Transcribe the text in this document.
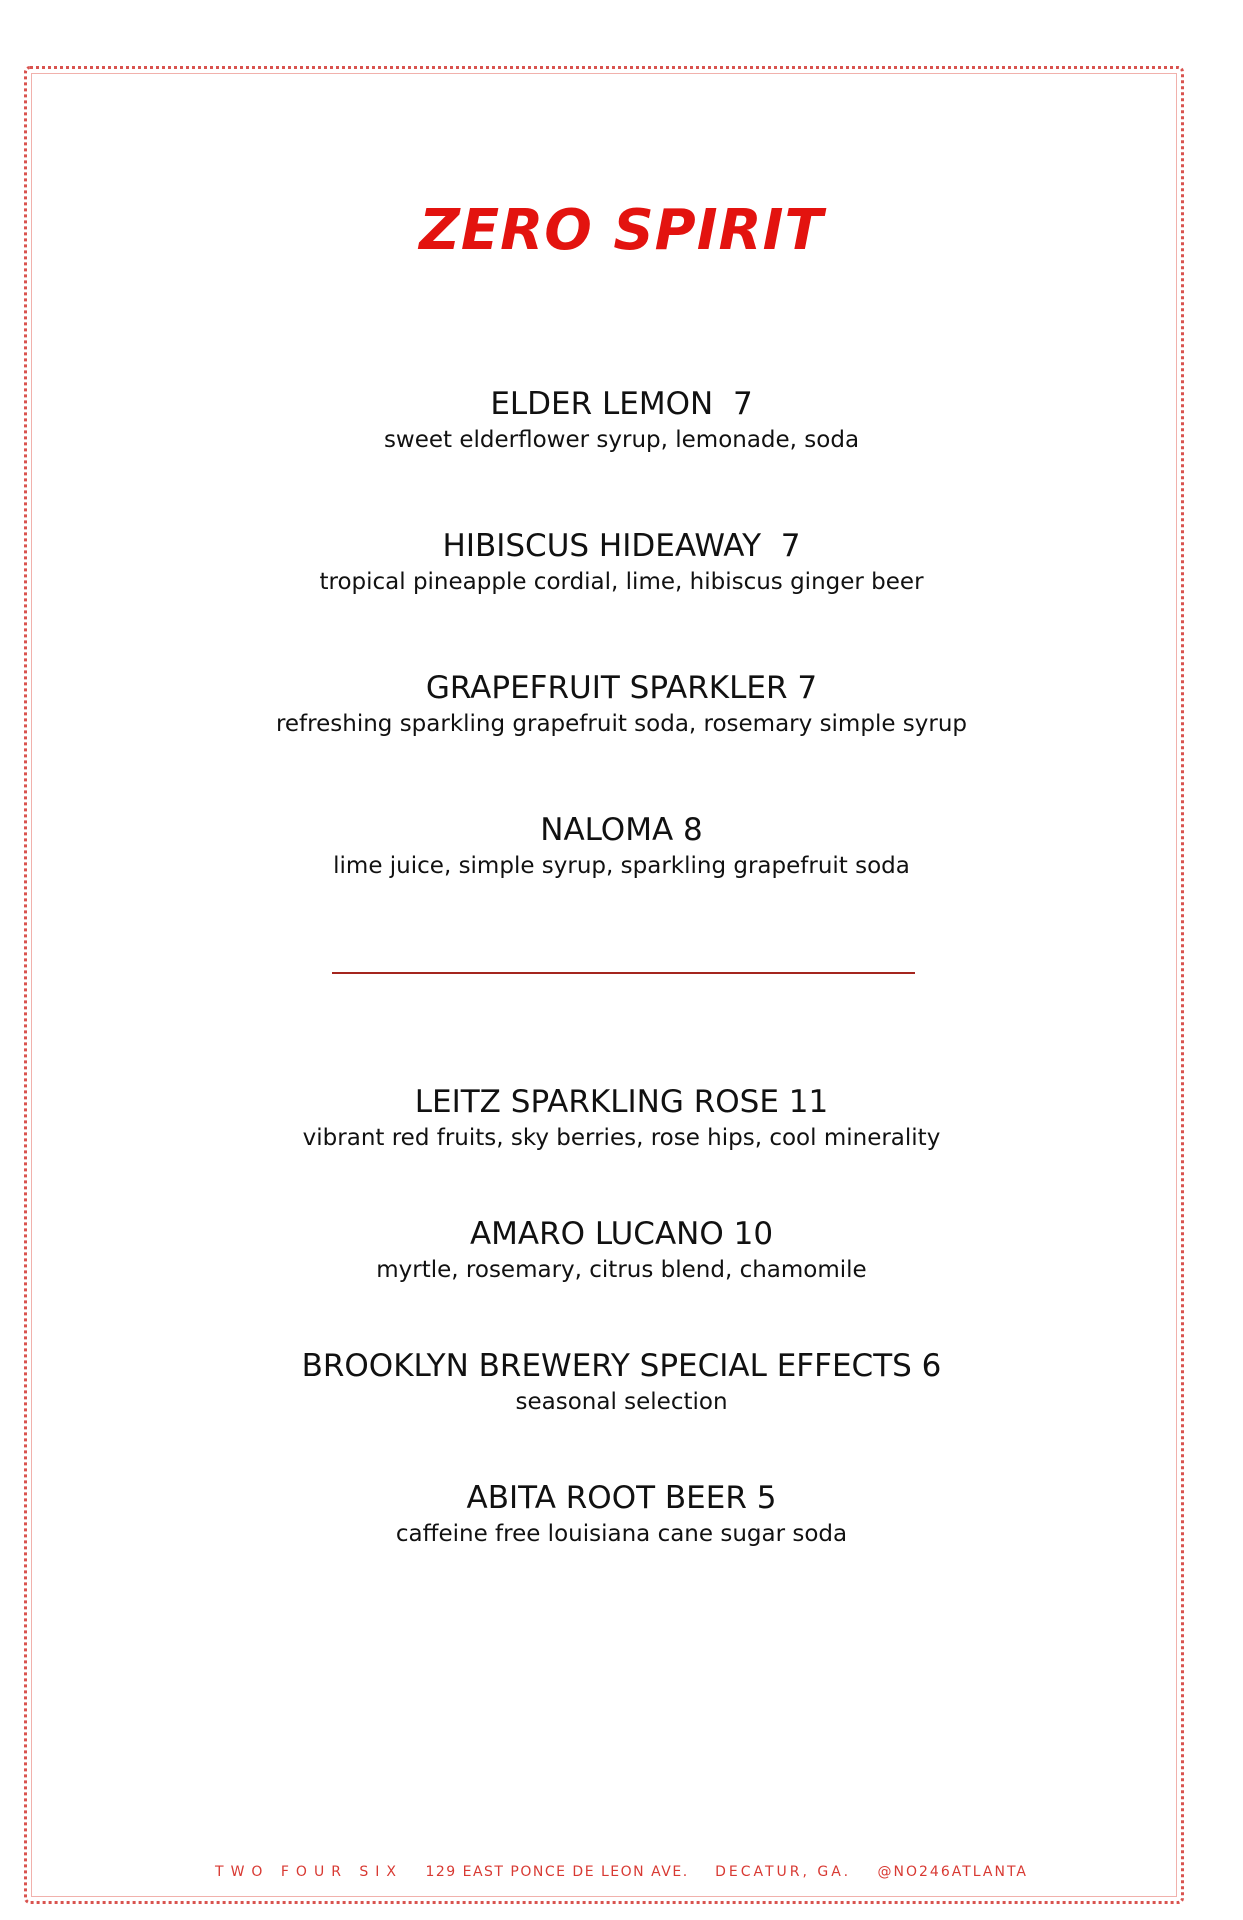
ZERO SPIRIT
ELDER LEMON  7
sweet elderflower syrup, lemonade, soda
HIBISCUS HIDEAWAY  7
tropical pineapple cordial, lime, hibiscus ginger beer
GRAPEFRUIT SPARKLER 7
refreshing sparkling grapefruit soda, rosemary simple syrup
NALOMA 8
lime juice, simple syrup, sparkling grapefruit soda
LEITZ SPARKLING ROSE 11
vibrant red fruits, sky berries, rose hips, cool minerality
AMARO LUCANO 10
myrtle, rosemary, citrus blend, chamomile
BROOKLYN BREWERY SPECIAL EFFECTS 6
seasonal selection
ABITA ROOT BEER 5
caffeine free louisiana cane sugar soda
TWO FOUR SIX 129 EAST PONCE DE LEON AVE. DECATUR, GA. @NO246ATLANTA
